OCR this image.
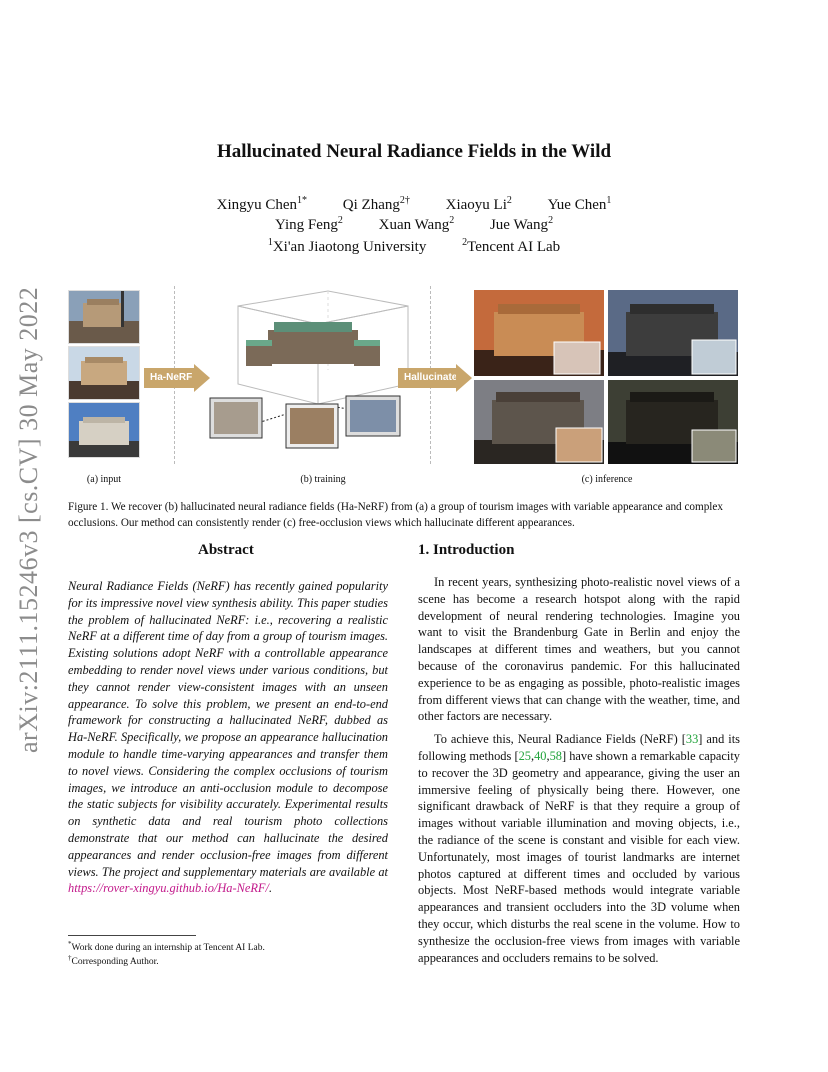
arXiv:2111.15246v3 [cs.CV] 30 May 2022
Hallucinated Neural Radiance Fields in the Wild
Xingyu Chen$^{1*}$ Qi Zhang$^{2\dagger}$ Xiaoyu Li$^2$ Yue Chen$^1$
Ying Feng$^2$ Xuan Wang$^2$ Jue Wang$^2$
$^1$Xi'an Jiaotong University	$^2$Tencent AI Lab
Ha-NeRF	Hallucinate
(a) input	(b) training	(c) inference
Figure 1. We recover (b) hallucinated neural radiance fields (Ha-NeRF) from (a) a group of tourism images with variable appearance and complex occlusions. Our method can consistently render (c) free-occlusion views which hallucinate different appearances.
Abstract
Neural Radiance Fields (NeRF) has recently gained popularity for its impressive novel view synthesis ability. This paper studies the problem of hallucinated NeRF: i.e., recovering a realistic NeRF at a different time of day from a group of tourism images. Existing solutions adopt NeRF with a controllable appearance embedding to render novel views under various conditions, but they cannot render view-consistent images with an unseen appearance. To solve this problem, we present an end-to-end framework for constructing a hallucinated NeRF, dubbed as Ha-NeRF. Specifically, we propose an appearance hallucination module to handle time-varying appearances and transfer them to novel views. Considering the complex occlusions of tourism images, we introduce an anti-occlusion module to decompose the static subjects for visibility accurately. Experimental results on synthetic data and real tourism photo collections demonstrate that our method can hallucinate the desired appearances and render occlusion-free images from different views. The project and supplementary materials are available at https://rover-xingyu.github.io/Ha-NeRF/.
1. Introduction

In recent years, synthesizing photo-realistic novel views of a scene has become a research hotspot along with the rapid development of neural rendering technologies. Imagine you want to visit the Brandenburg Gate in Berlin and enjoy the landscapes at different times and weathers, but you cannot because of the coronavirus pandemic. For this hallucinated experience to be as engaging as possible, photo-realistic images from different views that can change with the weather, time, and other factors are necessary.

To achieve this, Neural Radiance Fields (NeRF) [33] and its following methods [25,40,58] have shown a remarkable capacity to recover the 3D geometry and appearance, giving the user an immersive feeling of physically being there. However, one significant drawback of NeRF is that they require a group of images without variable illumination and moving objects, i.e., the radiance of the scene is constant and visible for each view. Unfortunately, most images of tourist landmarks are internet photos captured at different times and occluded by various objects. Most NeRF-based methods would integrate variable appearances and transient occluders into the 3D volume when they occur, which disturbs the real scene in the volume. How to synthesize the occlusion-free views from images with variable appearances and occluders remains to be solved.

*Work done during an internship at Tencent AI Lab.
†Corresponding Author.
